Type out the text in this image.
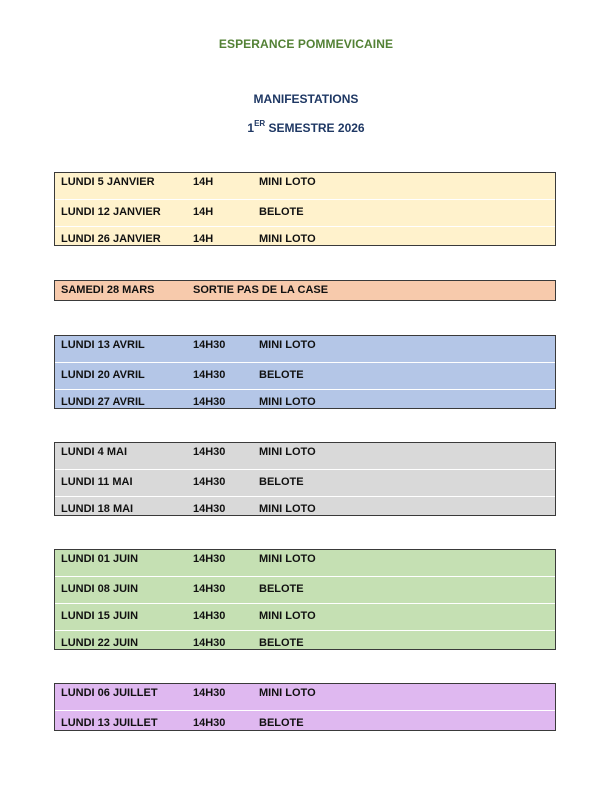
ESPERANCE POMMEVICAINE
MANIFESTATIONS
1ER SEMESTRE 2026
LUNDI 5 JANVIER	14H	MINI LOTO
LUNDI 12 JANVIER	14H	BELOTE
LUNDI 26 JANVIER	14H	MINI LOTO
SAMEDI 28 MARS	SORTIE PAS DE LA CASE
LUNDI 13 AVRIL	14H30	MINI LOTO
LUNDI 20 AVRIL	14H30	BELOTE
LUNDI 27 AVRIL	14H30	MINI LOTO
LUNDI 4 MAI	14H30	MINI LOTO
LUNDI 11 MAI	14H30	BELOTE
LUNDI 18 MAI	14H30	MINI LOTO
LUNDI 01 JUIN	14H30	MINI LOTO
LUNDI 08 JUIN	14H30	BELOTE
LUNDI 15 JUIN	14H30	MINI LOTO
LUNDI 22 JUIN	14H30	BELOTE
LUNDI 06 JUILLET	14H30	MINI LOTO
LUNDI 13 JUILLET	14H30	BELOTE
